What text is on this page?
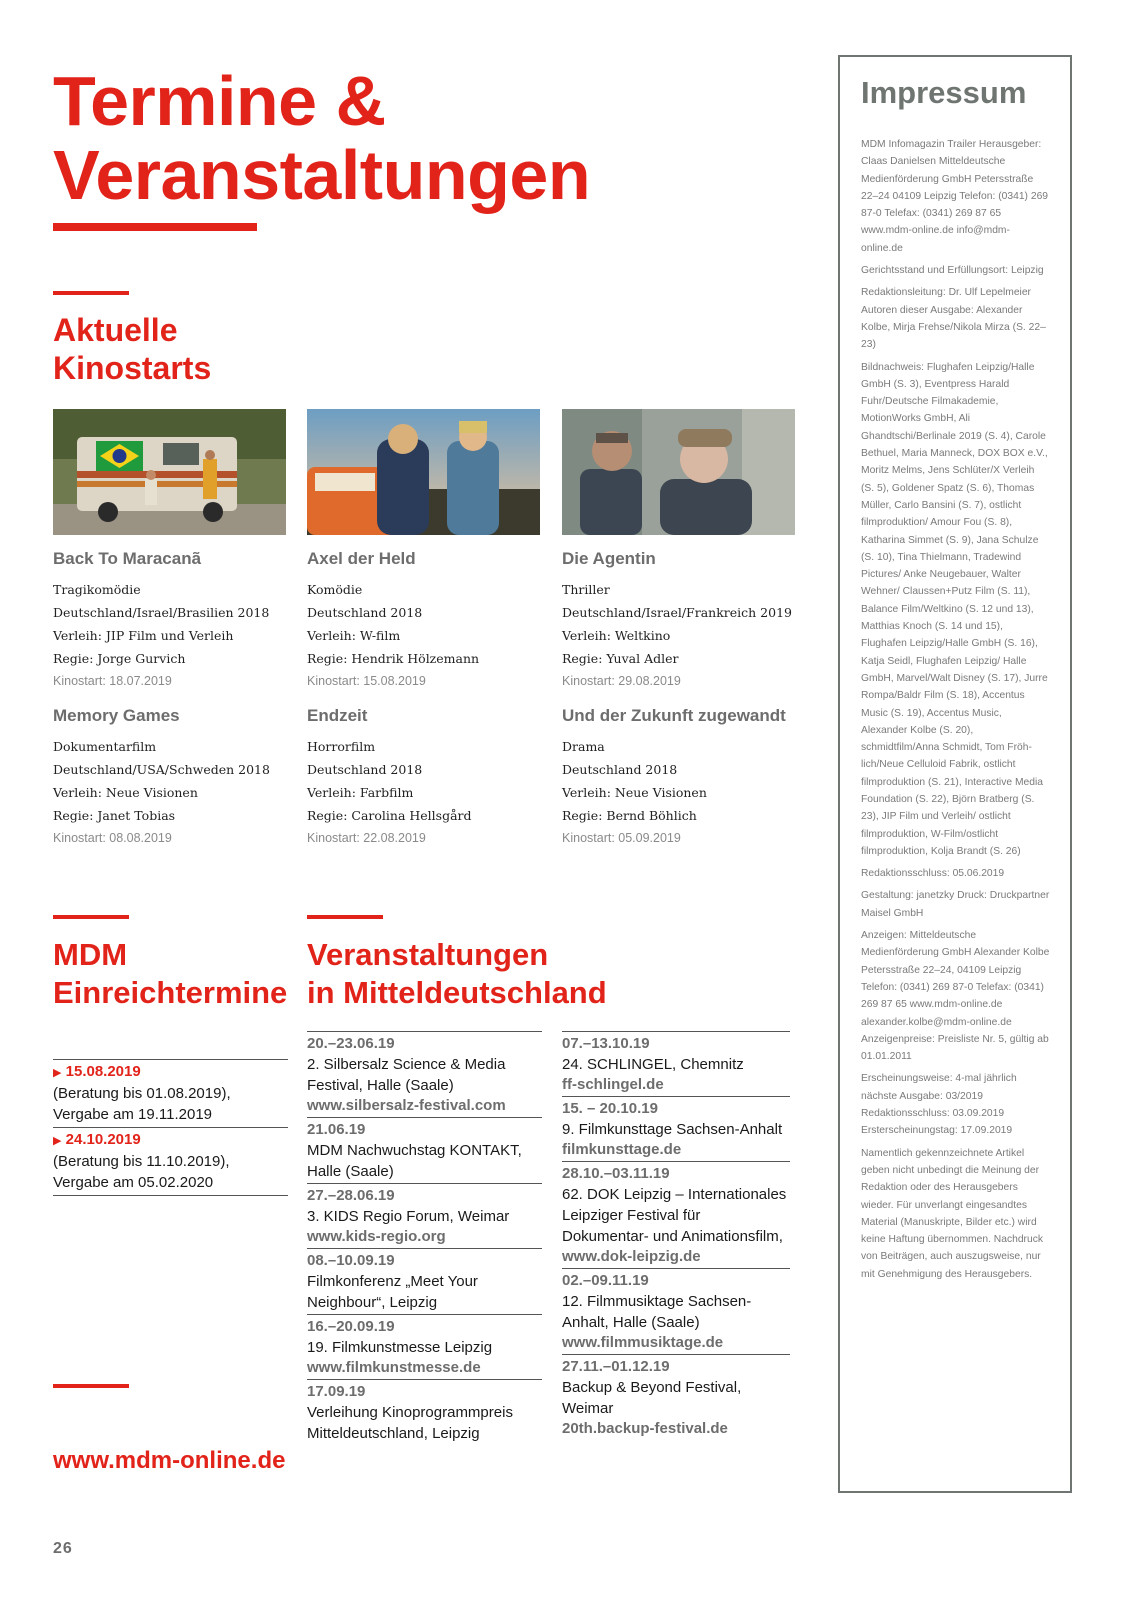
Termine &
Veranstaltungen
Aktuelle
Kinostarts
Back To Maracanã
Tragikomödie
Deutschland/Israel/Brasilien 2018
Verleih: JIP Film und Verleih
Regie: Jorge Gurvich
Kinostart: 18.07.2019
Axel der Held
Komödie
Deutschland 2018
Verleih: W-film
Regie: Hendrik Hölzemann
Kinostart: 15.08.2019
Die Agentin
Thriller
Deutschland/Israel/Frankreich 2019
Verleih: Weltkino
Regie: Yuval Adler
Kinostart: 29.08.2019
Memory Games
Dokumentarfilm
Deutschland/USA/Schweden 2018
Verleih: Neue Visionen
Regie: Janet Tobias
Kinostart: 08.08.2019
Endzeit
Horrorfilm
Deutschland 2018
Verleih: Farbfilm
Regie: Carolina Hellsgård
Kinostart: 22.08.2019
Und der Zukunft zugewandt
Drama
Deutschland 2018
Verleih: Neue Visionen
Regie: Bernd Böhlich
Kinostart: 05.09.2019
MDM
Einreichtermine
▶ 15.08.2019
(Beratung bis 01.08.2019), Vergabe am 19.11.2019
▶ 24.10.2019
(Beratung bis 11.10.2019), Vergabe am 05.02.2020
Veranstaltungen
in Mitteldeutschland
20.–23.06.19
2. Silbersalz Science & Media Festival, Halle (Saale)
www.silbersalz-festival.com
21.06.19
MDM Nachwuchstag KONTAKT, Halle (Saale)
27.–28.06.19
3. KIDS Regio Forum, Weimar
www.kids-regio.org
08.–10.09.19
Filmkonferenz „Meet Your Neighbour“, Leipzig
16.–20.09.19
19. Filmkunstmesse Leipzig
www.filmkunstmesse.de
17.09.19
Verleihung Kinoprogrammpreis Mitteldeutschland, Leipzig
07.–13.10.19
24. SCHLINGEL, Chemnitz
ff-schlingel.de
15. – 20.10.19
9. Filmkunsttage Sachsen-Anhalt
filmkunsttage.de
28.10.–03.11.19
62. DOK Leipzig – Internationales Leipziger Festival für Dokumentar- und Animationsfilm,
www.dok-leipzig.de
02.–09.11.19
12. Filmmusiktage Sachsen-Anhalt, Halle (Saale)
www.filmmusiktage.de
27.11.–01.12.19
Backup & Beyond Festival, Weimar
20th.backup-festival.de
www.mdm-online.de
Impressum

MDM Infomagazin Trailer Herausgeber: Claas Danielsen Mitteldeutsche Medienförderung GmbH Petersstraße 22–24 04109 Leipzig Telefon: (0341) 269 87-0 Telefax: (0341) 269 87 65 www.mdm-online.de info@mdm-online.de

Gerichtsstand und Erfüllungsort: Leipzig

Redaktionsleitung: Dr. Ulf Lepelmeier Autoren dieser Ausgabe: Alexander Kolbe, Mirja Frehse/Nikola Mirza (S. 22–23)

Bildnachweis: Flughafen Leipzig/Halle GmbH (S. 3), Eventpress Harald Fuhr/Deutsche Filmakademie, MotionWorks GmbH, Ali Ghandtschi/Berlinale 2019 (S. 4), Carole Bethuel, Maria Manneck, DOX BOX e.V., Moritz Melms, Jens Schlüter/X Verleih (S. 5), Goldener Spatz (S. 6), Thomas Müller, Carlo Bansini (S. 7), ostlicht filmproduktion/ Amour Fou (S. 8), Katharina Simmet (S. 9), Jana Schulze (S. 10), Tina Thielmann, Tradewind Pictures/ Anke Neugebauer, Walter Wehner/ Claussen+Putz Film (S. 11), Balance Film/Weltkino (S. 12 und 13), Matthias Knoch (S. 14 und 15), Flughafen Leipzig/Halle GmbH (S. 16), Katja Seidl, Flughafen Leipzig/ Halle GmbH, Marvel/Walt Disney (S. 17), Jurre Rompa/Baldr Film (S. 18), Accentus Music (S. 19), Accentus Music, Alexander Kolbe (S. 20), schmidtfilm/Anna Schmidt, Tom Fröh- lich/Neue Celluloid Fabrik, ostlicht filmproduktion (S. 21), Interactive Media Foundation (S. 22), Björn Bratberg (S. 23), JIP Film und Verleih/ ostlicht filmproduktion, W-Film/ostlicht filmproduktion, Kolja Brandt (S. 26)

Redaktionsschluss: 05.06.2019

Gestaltung: janetzky Druck: Druckpartner Maisel GmbH

Anzeigen: Mitteldeutsche Medienförderung GmbH Alexander Kolbe Petersstraße 22–24, 04109 Leipzig Telefon: (0341) 269 87-0 Telefax: (0341) 269 87 65 www.mdm-online.de alexander.kolbe@mdm-online.de Anzeigenpreise: Preisliste Nr. 5, gültig ab 01.01.2011

Erscheinungsweise: 4-mal jährlich nächste Ausgabe: 03/2019 Redaktionsschluss: 03.09.2019 Ersterscheinungstag: 17.09.2019

Namentlich gekennzeichnete Artikel geben nicht unbedingt die Meinung der Redaktion oder des Herausgebers wieder. Für unverlangt eingesandtes Material (Manuskripte, Bilder etc.) wird keine Haftung übernommen. Nachdruck von Beiträgen, auch auszugsweise, nur mit Genehmigung des Herausgebers.

26
